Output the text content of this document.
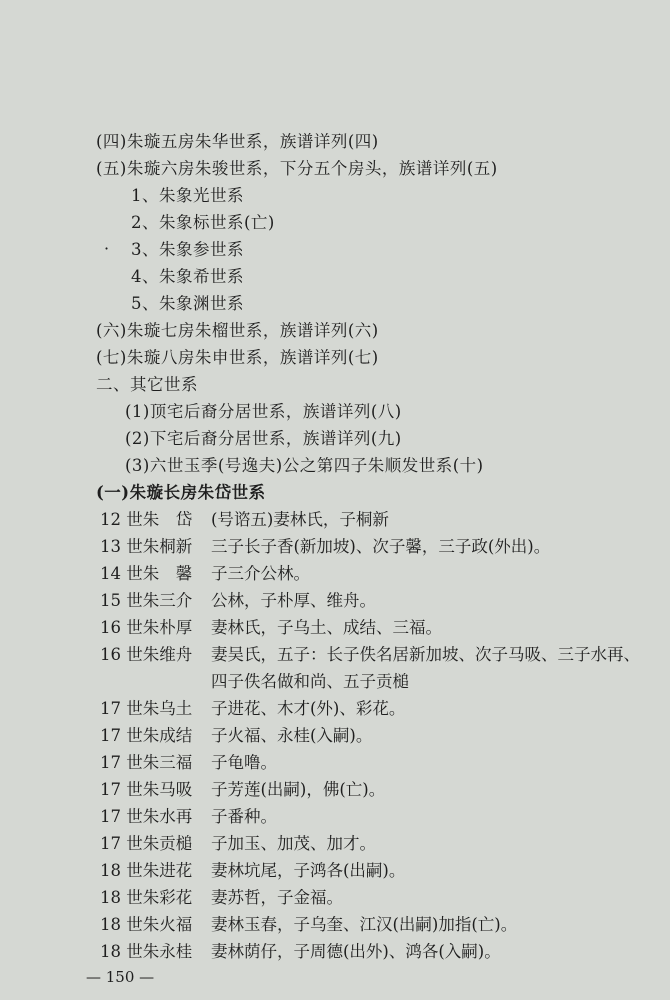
(四)朱璇五房朱华世系，族谱详列(四)
(五)朱璇六房朱骏世系，下分五个房头，族谱详列(五)
1、朱象光世系
2、朱象标世系(亡)
· 3、朱象参世系
4、朱象希世系
5、朱象渊世系
(六)朱璇七房朱榴世系，族谱详列(六)
(七)朱璇八房朱申世系，族谱详列(七)
二、其它世系
(1)顶宅后裔分居世系，族谱详列(八)
(2)下宅后裔分居世系，族谱详列(九)
(3)六世玉季(号逸夫)公之第四子朱顺发世系(十)
(一)朱璇长房朱岱世系
12 世朱　岱 (号谘五)妻林氏，子桐新
13 世朱桐新 三子长子香(新加坡)、次子馨，三子政(外出)。
14 世朱　馨 子三介公林。
15 世朱三介 公林，子朴厚、维舟。
16 世朱朴厚 妻林氏，子乌土、成结、三福。
16 世朱维舟 妻吴氏，五子：长子佚名居新加坡、次子马吸、三子水再、
四子佚名做和尚、五子贡槌
17 世朱乌土 子进花、木才(外)、彩花。
17 世朱成结 子火福、永桂(入嗣)。
17 世朱三福 子龟噜。
17 世朱马吸 子芳莲(出嗣)，佛(亡)。
17 世朱水再 子番种。
17 世朱贡槌 子加玉、加茂、加才。
18 世朱进花 妻林坑尾，子鸿各(出嗣)。
18 世朱彩花 妻苏哲，子金福。
18 世朱火福 妻林玉春，子乌奎、江汉(出嗣)加指(亡)。
18 世朱永桂 妻林荫仔，子周德(出外)、鸿各(入嗣)。
— 150 —
